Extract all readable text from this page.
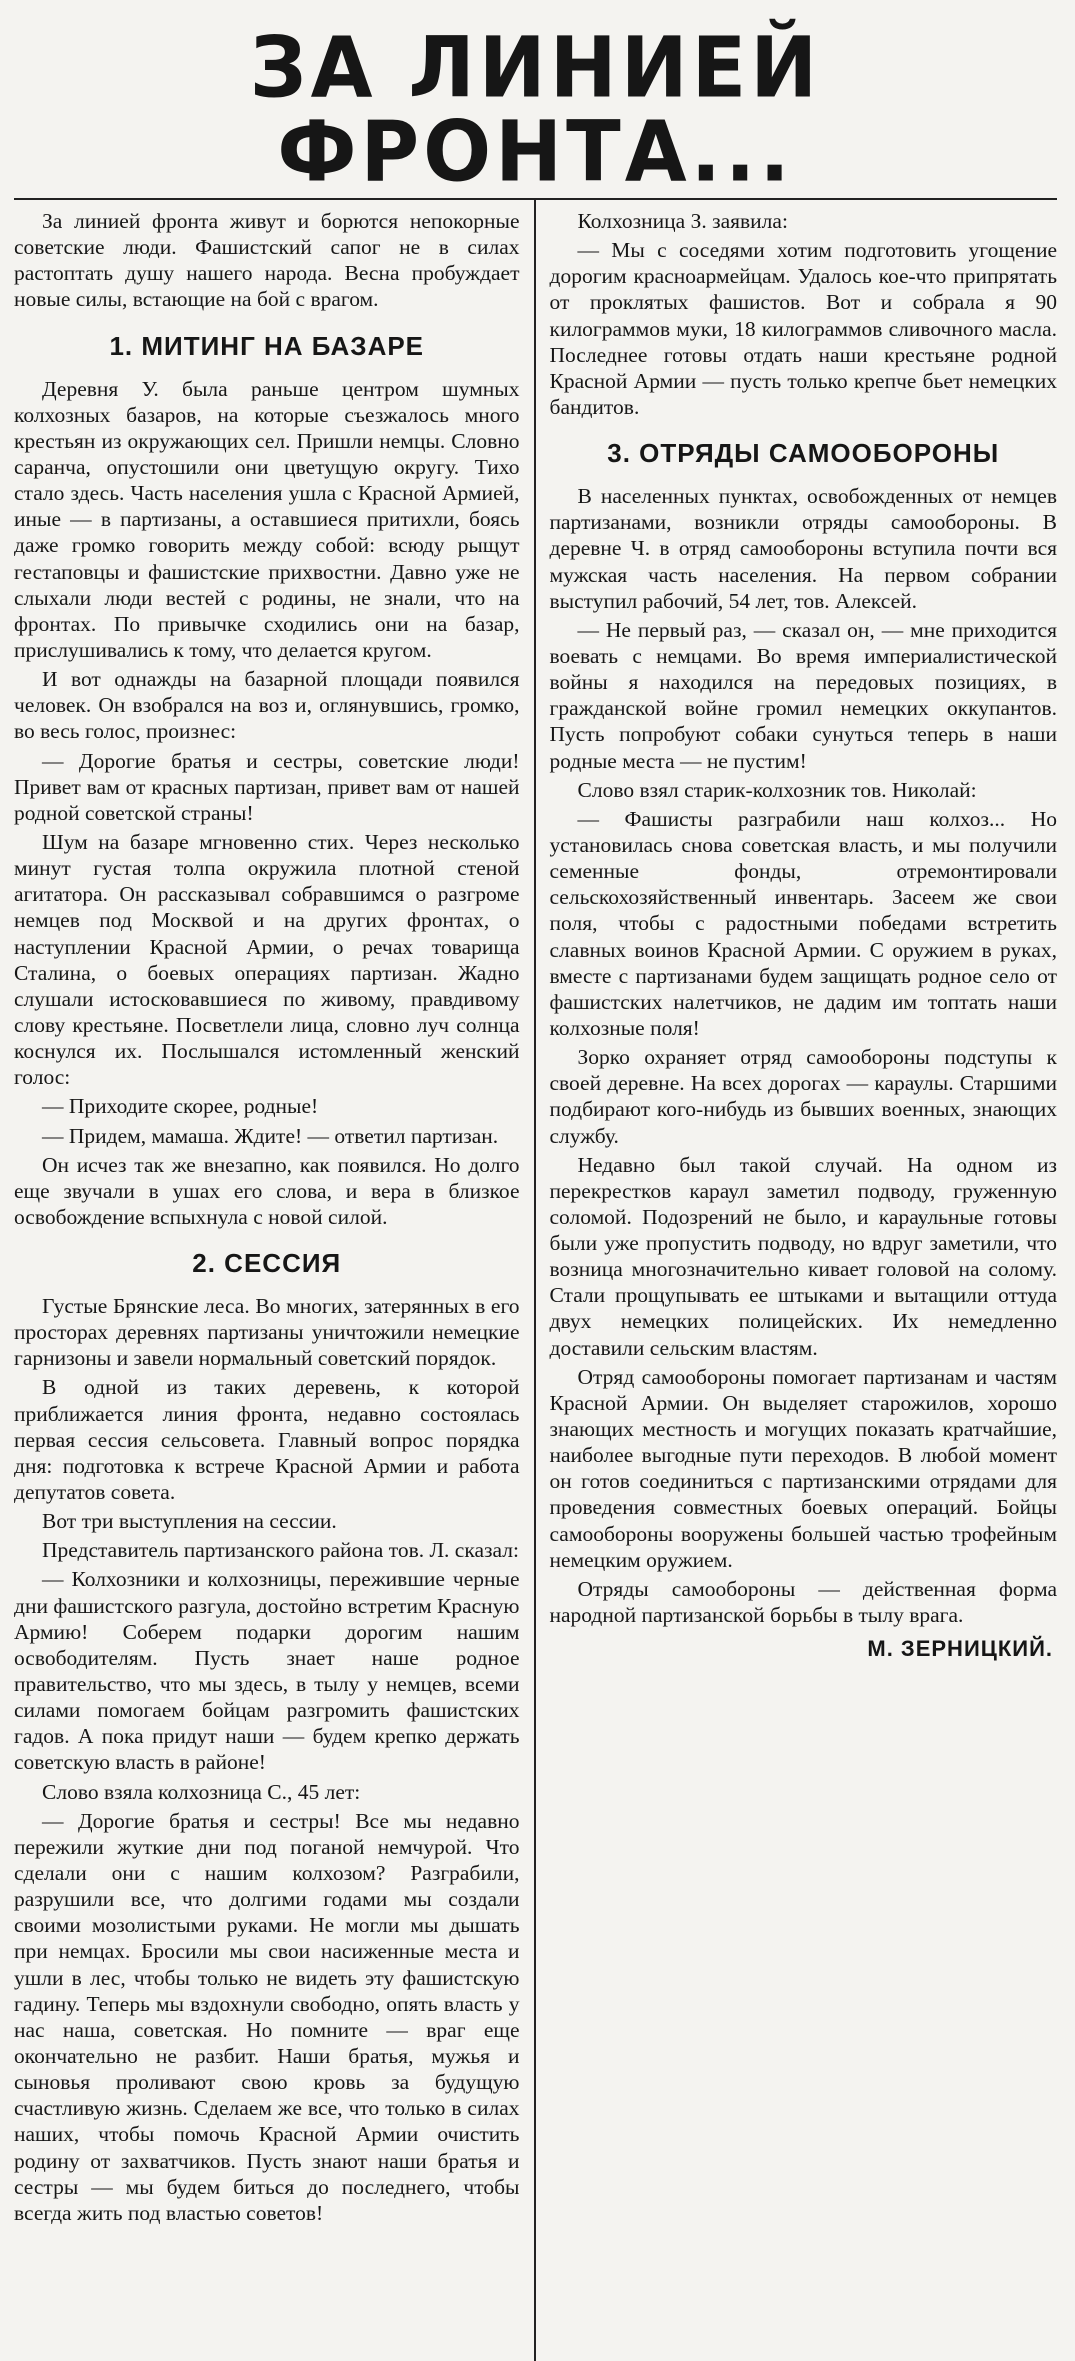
ЗА ЛИНИЕЙ ФРОНТА...

За линией фронта живут и борются непокорные советские люди. Фашистский сапог не в силах растоптать душу нашего народа. Весна пробуждает новые силы, встающие на бой с врагом.

1. МИТИНГ НА БАЗАРЕ

Деревня У. была раньше центром шумных колхозных базаров, на которые съезжалось много крестьян из окружающих сел. Пришли немцы. Словно саранча, опустошили они цветущую округу. Тихо стало здесь. Часть населения ушла с Красной Армией, иные — в партизаны, а оставшиеся притихли, боясь даже громко говорить между собой: всюду рыщут гестаповцы и фашистские прихвостни. Давно уже не слыхали люди вестей с родины, не знали, что на фронтах. По привычке сходились они на базар, прислушивались к тому, что делается кругом.

И вот однажды на базарной площади появился человек. Он взобрался на воз и, оглянувшись, громко, во весь голос, произнес:

— Дорогие братья и сестры, советские люди! Привет вам от красных партизан, привет вам от нашей родной советской страны!

Шум на базаре мгновенно стих. Через несколько минут густая толпа окружила плотной стеной агитатора. Он рассказывал собравшимся о разгроме немцев под Москвой и на других фронтах, о наступлении Красной Армии, о речах товарища Сталина, о боевых операциях партизан. Жадно слушали истосковавшиеся по живому, правдивому слову крестьяне. Посветлели лица, словно луч солнца коснулся их. Послышался истомленный женский голос:

— Приходите скорее, родные!

— Придем, мамаша. Ждите! — ответил партизан.

Он исчез так же внезапно, как появился. Но долго еще звучали в ушах его слова, и вера в близкое освобождение вспыхнула с новой силой.

2. СЕССИЯ

Густые Брянские леса. Во многих, затерянных в его просторах деревнях партизаны уничтожили немецкие гарнизоны и завели нормальный советский порядок.

В одной из таких деревень, к которой приближается линия фронта, недавно состоялась первая сессия сельсовета. Главный вопрос порядка дня: подготовка к встрече Красной Армии и работа депутатов совета.

Вот три выступления на сессии.

Представитель партизанского района тов. Л. сказал:

— Колхозники и колхозницы, пережившие черные дни фашистского разгула, достойно встретим Красную Армию! Соберем подарки дорогим нашим освободителям. Пусть знает наше родное правительство, что мы здесь, в тылу у немцев, всеми силами помогаем бойцам разгромить фашистских гадов. А пока придут наши — будем крепко держать советскую власть в районе!

Слово взяла колхозница С., 45 лет:

— Дорогие братья и сестры! Все мы недавно пережили жуткие дни под поганой немчурой. Что сделали они с нашим колхозом? Разграбили, разрушили все, что долгими годами мы создали своими мозолистыми руками. Не могли мы дышать при немцах. Бросили мы свои насиженные места и ушли в лес, чтобы только не видеть эту фашистскую гадину. Теперь мы вздохнули свободно, опять власть у нас наша, советская. Но помните — враг еще окончательно не разбит. Наши братья, мужья и сыновья проливают свою кровь за будущую счастливую жизнь. Сделаем же все, что только в силах наших, чтобы помочь Красной Армии очистить родину от захватчиков. Пусть знают наши братья и сестры — мы будем биться до последнего, чтобы всегда жить под властью советов!

Колхозница З. заявила:

— Мы с соседями хотим подготовить угощение дорогим красноармейцам. Удалось кое-что припрятать от проклятых фашистов. Вот и собрала я 90 килограммов муки, 18 килограммов сливочного масла. Последнее готовы отдать наши крестьяне родной Красной Армии — пусть только крепче бьет немецких бандитов.

3. ОТРЯДЫ САМООБОРОНЫ

В населенных пунктах, освобожденных от немцев партизанами, возникли отряды самообороны. В деревне Ч. в отряд самообороны вступила почти вся мужская часть населения. На первом собрании выступил рабочий, 54 лет, тов. Алексей.

— Не первый раз, — сказал он, — мне приходится воевать с немцами. Во время империалистической войны я находился на передовых позициях, в гражданской войне громил немецких оккупантов. Пусть попробуют собаки сунуться теперь в наши родные места — не пустим!

Слово взял старик-колхозник тов. Николай:

— Фашисты разграбили наш колхоз... Но установилась снова советская власть, и мы получили семенные фонды, отремонтировали сельскохозяйственный инвентарь. Засеем же свои поля, чтобы с радостными победами встретить славных воинов Красной Армии. С оружием в руках, вместе с партизанами будем защищать родное село от фашистских налетчиков, не дадим им топтать наши колхозные поля!

Зорко охраняет отряд самообороны подступы к своей деревне. На всех дорогах — караулы. Старшими подбирают кого-нибудь из бывших военных, знающих службу.

Недавно был такой случай. На одном из перекрестков караул заметил подводу, груженную соломой. Подозрений не было, и караульные готовы были уже пропустить подводу, но вдруг заметили, что возница многозначительно кивает головой на солому. Стали прощупывать ее штыками и вытащили оттуда двух немецких полицейских. Их немедленно доставили сельским властям.

Отряд самообороны помогает партизанам и частям Красной Армии. Он выделяет старожилов, хорошо знающих местность и могущих показать кратчайшие, наиболее выгодные пути переходов. В любой момент он готов соединиться с партизанскими отрядами для проведения совместных боевых операций. Бойцы самообороны вооружены большей частью трофейным немецким оружием.

Отряды самообороны — действенная форма народной партизанской борьбы в тылу врага.

М. ЗЕРНИЦКИЙ.
